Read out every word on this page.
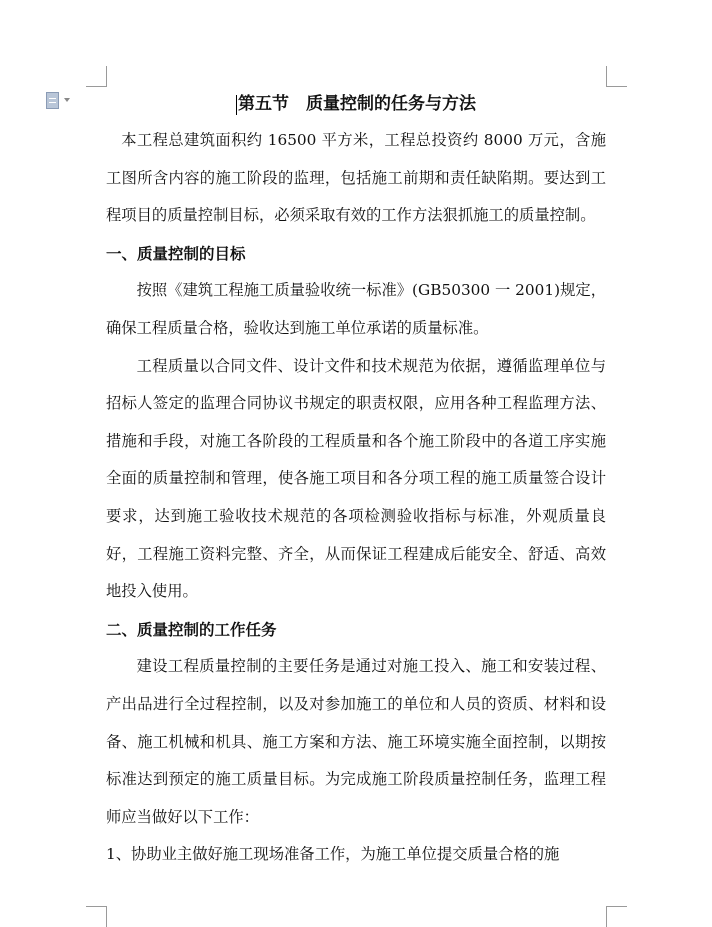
第五节　质量控制的任务与方法

本工程总建筑面积约 16500 平方米，工程总投资约 8000 万元，含施工图所含内容的施工阶段的监理，包括施工前期和责任缺陷期。要达到工程项目的质量控制目标，必须采取有效的工作方法狠抓施工的质量控制。

一、质量控制的目标

按照《建筑工程施工质量验收统一标准》(GB50300 一 2001)规定，确保工程质量合格，验收达到施工单位承诺的质量标准。

工程质量以合同文件、设计文件和技术规范为依据，遵循监理单位与招标人签定的监理合同协议书规定的职责权限，应用各种工程监理方法、措施和手段，对施工各阶段的工程质量和各个施工阶段中的各道工序实施全面的质量控制和管理，使各施工项目和各分项工程的施工质量签合设计要求，达到施工验收技术规范的各项检测验收指标与标准，外观质量良好，工程施工资料完整、齐全，从而保证工程建成后能安全、舒适、高效地投入使用。

二、质量控制的工作任务

建设工程质量控制的主要任务是通过对施工投入、施工和安装过程、产出品进行全过程控制，以及对参加施工的单位和人员的资质、材料和设备、施工机械和机具、施工方案和方法、施工环境实施全面控制，以期按标准达到预定的施工质量目标。为完成施工阶段质量控制任务，监理工程师应当做好以下工作：

1、协助业主做好施工现场准备工作，为施工单位提交质量合格的施
